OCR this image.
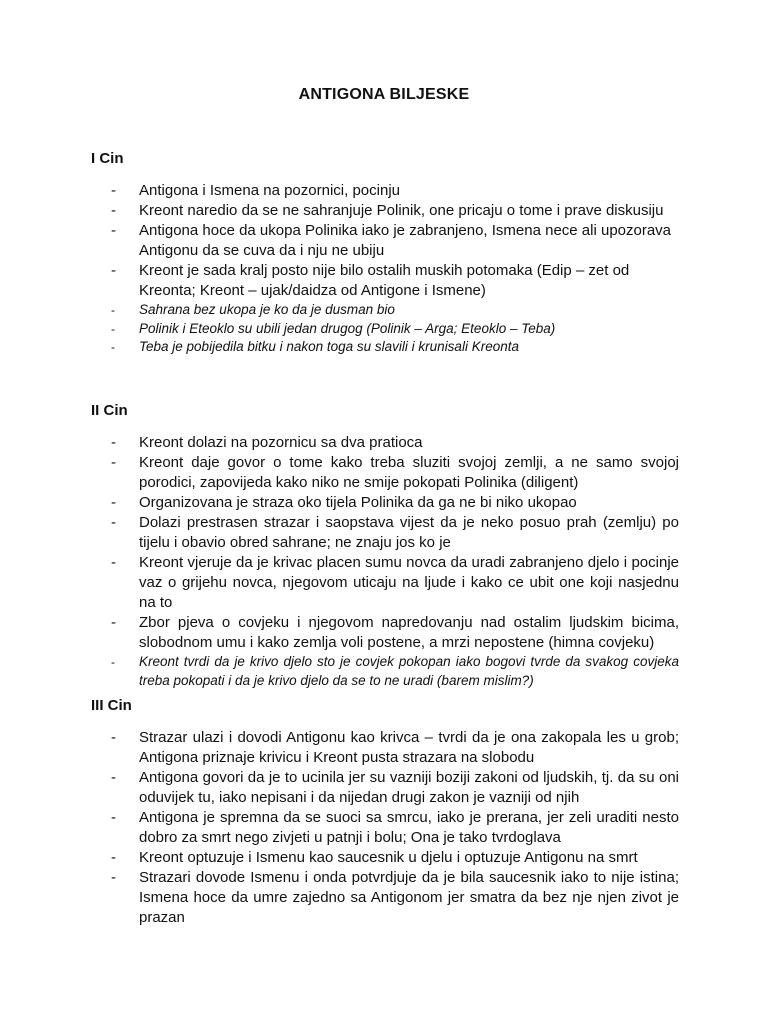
ANTIGONA BILJESKE
I Cin
- Antigona i Ismena na pozornici, pocinju
- Kreont naredio da se ne sahranjuje Polinik, one pricaju o tome i prave diskusiju
- Antigona hoce da ukopa Polinika iako je zabranjeno, Ismena nece ali upozorava Antigonu da se cuva da i nju ne ubiju
- Kreont je sada kralj posto nije bilo ostalih muskih potomaka (Edip – zet od Kreonta; Kreont – ujak/daidza od Antigone i Ismene)
- Sahrana bez ukopa je ko da je dusman bio
- Polinik i Eteoklo su ubili jedan drugog (Polinik – Arga; Eteoklo – Teba)
- Teba je pobijedila bitku i nakon toga su slavili i krunisali Kreonta
II Cin
- Kreont dolazi na pozornicu sa dva pratioca
- Kreont daje govor o tome kako treba sluziti svojoj zemlji, a ne samo svojoj porodici, zapovijeda kako niko ne smije pokopati Polinika (diligent)
- Organizovana je straza oko tijela Polinika da ga ne bi niko ukopao
- Dolazi prestrasen strazar i saopstava vijest da je neko posuo prah (zemlju) po tijelu i obavio obred sahrane; ne znaju jos ko je
- Kreont vjeruje da je krivac placen sumu novca da uradi zabranjeno djelo i pocinje vaz o grijehu novca, njegovom uticaju na ljude i kako ce ubit one koji nasjednu na to
- Zbor pjeva o covjeku i njegovom napredovanju nad ostalim ljudskim bicima, slobodnom umu i kako zemlja voli postene, a mrzi nepostene (himna covjeku)
- Kreont tvrdi da je krivo djelo sto je covjek pokopan iako bogovi tvrde da svakog covjeka treba pokopati i da je krivo djelo da se to ne uradi (barem mislim?)
III Cin
- Strazar ulazi i dovodi Antigonu kao krivca – tvrdi da je ona zakopala les u grob; Antigona priznaje krivicu i Kreont pusta strazara na slobodu
- Antigona govori da je to ucinila jer su vazniji boziji zakoni od ljudskih, tj. da su oni oduvijek tu, iako nepisani i da nijedan drugi zakon je vazniji od njih
- Antigona je spremna da se suoci sa smrcu, iako je prerana, jer zeli uraditi nesto dobro za smrt nego zivjeti u patnji i bolu; Ona je tako tvrdoglava
- Kreont optuzuje i Ismenu kao saucesnik u djelu i optuzuje Antigonu na smrt
- Strazari dovode Ismenu i onda potvrdjuje da je bila saucesnik iako to nije istina; Ismena hoce da umre zajedno sa Antigonom jer smatra da bez nje njen zivot je prazan
